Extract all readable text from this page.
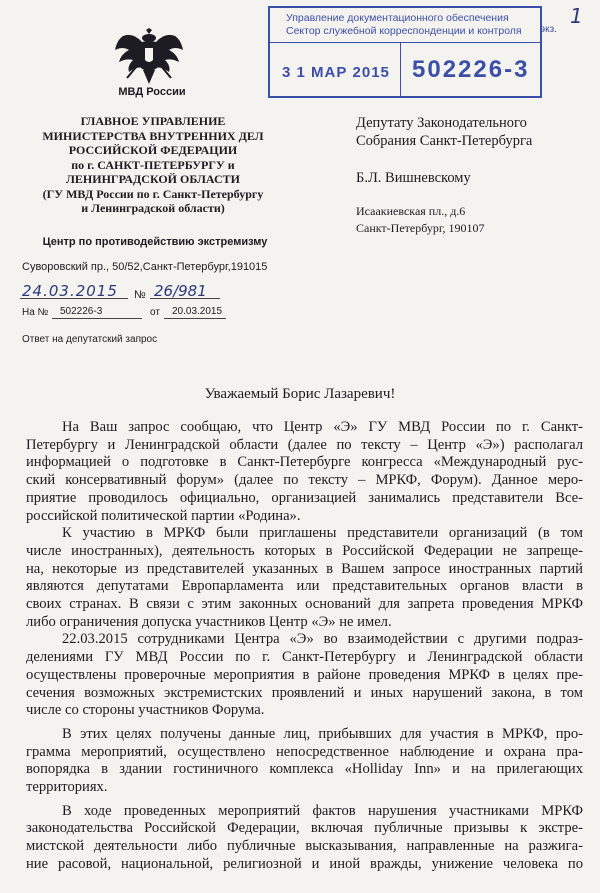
МВД России
ГЛАВНОЕ УПРАВЛЕНИЕ
МИНИСТЕРСТВА ВНУТРЕННИХ ДЕЛ
РОССИЙСКОЙ ФЕДЕРАЦИИ
по г. САНКТ-ПЕТЕРБУРГУ и
ЛЕНИНГРАДСКОЙ ОБЛАСТИ
(ГУ МВД России по г. Санкт-Петербургу
и Ленинградской области)
Центр по противодействию экстремизму
Суворовский пр., 50/52,Санкт-Петербург,191015
24.03.2015 № 26/981
На № 502226-3	от 20.03.2015
Ответ на депутатский запрос
Управление документационного обеспечения
Сектор служебной корреспонденции и контроля
3 1 МАР 2015 502226-3
экз.
1
Депутату Законодательного
Собрания Санкт-Петербурга
Б.Л. Вишневскому
Исаакиевская пл., д.6
Санкт-Петербург, 190107
Уважаемый Борис Лазаревич!
На Ваш запрос сообщаю, что Центр «Э» ГУ МВД России по г. Санкт-
Петербургу и Ленинградской области (далее по тексту – Центр «Э») располагал
информацией о подготовке в Санкт-Петербурге конгресса «Международный рус-
ский консервативный форум» (далее по тексту – МРКФ, Форум). Данное меро-
приятие проводилось официально, организацией занимались представители Все-
российской политической партии «Родина».
К участию в МРКФ были приглашены представители организаций (в том
числе иностранных), деятельность которых в Российской Федерации не запреще-
на, некоторые из представителей указанных в Вашем запросе иностранных партий
являются депутатами Европарламента или представительных органов власти в
своих странах. В связи с этим законных оснований для запрета проведения МРКФ
либо ограничения допуска участников Центр «Э» не имел.
22.03.2015 сотрудниками Центра «Э» во взаимодействии с другими подраз-
делениями ГУ МВД России по г. Санкт-Петербургу и Ленинградской области
осуществлены проверочные мероприятия в районе проведения МРКФ в целях пре-
сечения возможных экстремистских проявлений и иных нарушений закона, в том
числе со стороны участников Форума.
В этих целях получены данные лиц, прибывших для участия в МРКФ, про-
грамма мероприятий, осуществлено непосредственное наблюдение и охрана пра-
вопорядка в здании гостиничного комплекса «Holliday Inn» и на прилегающих
территориях.
В ходе проведенных мероприятий фактов нарушения участниками МРКФ
законодательства Российской Федерации, включая публичные призывы к экстре-
мистской деятельности либо публичные высказывания, направленные на разжига-
ние расовой, национальной, религиозной и иной вражды, унижение человека по
